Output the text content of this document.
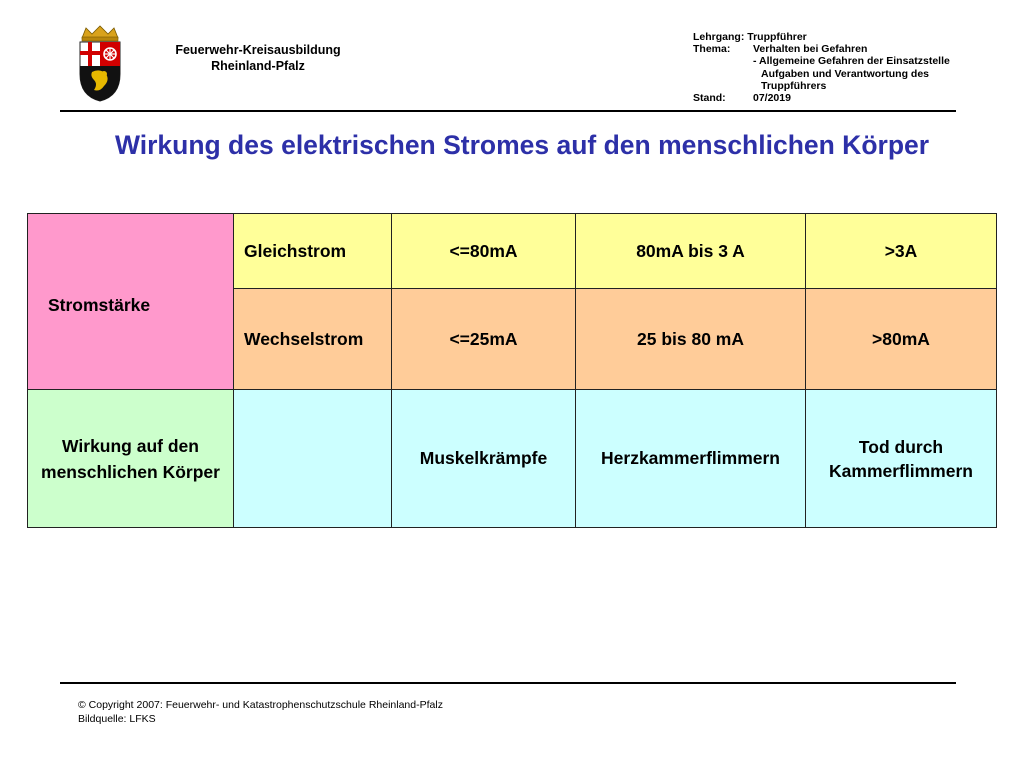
Feuerwehr-Kreisausbildung
Rheinland-Pfalz
Lehrgang:
Truppführer
Thema:	Verhalten bei Gefahren
- Allgemeine Gefahren der Einsatzstelle
Aufgaben und Verantwortung des
Truppführers
Stand:	07/2019
Wirkung des elektrischen Stromes auf den menschlichen Körper
Stromstärke	Gleichstrom	<=80mA	80mA bis 3 A	>3A
	Wechselstrom	<=25mA	25 bis 80 mA	>80mA
Wirkung auf den menschlichen Körper		Muskelkrämpfe	Herzkammerflimmern	Tod durch Kammerflimmern
© Copyright 2007: Feuerwehr- und Katastrophenschutzschule Rheinland-Pfalz
Bildquelle: LFKS
